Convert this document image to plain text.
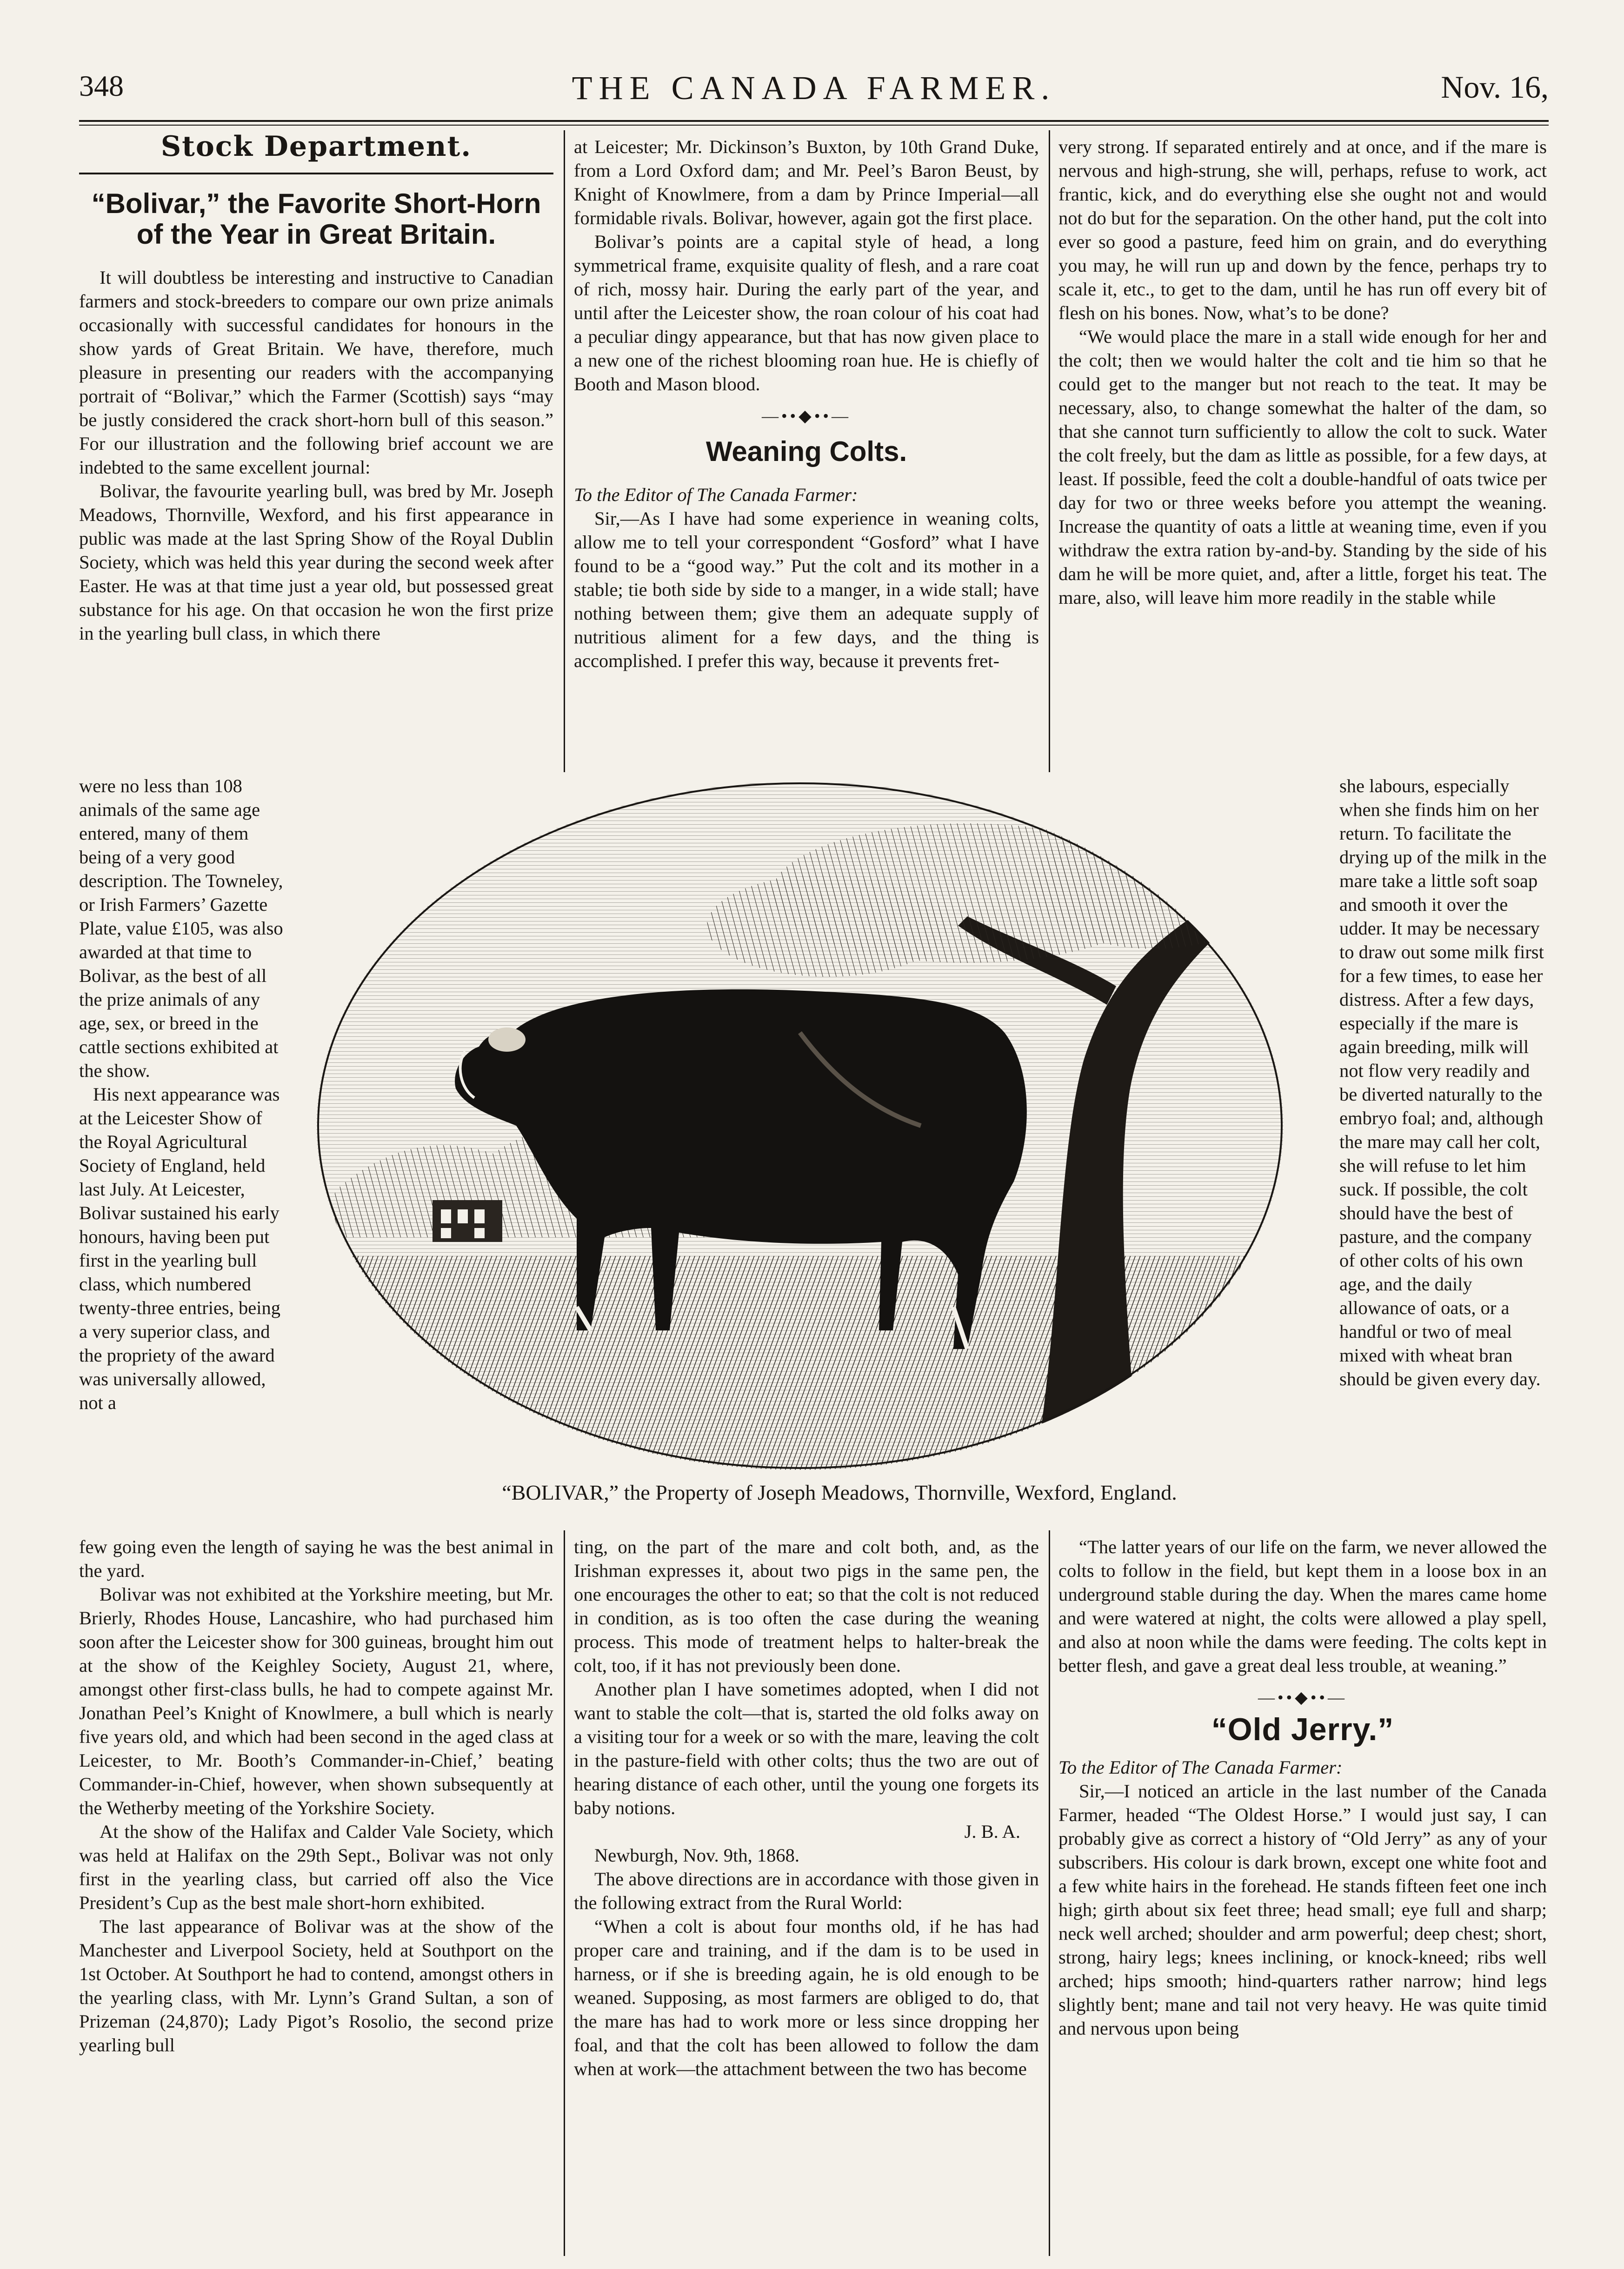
348	THE CANADA FARMER.	Nov. 16,
Stock Department.
“Bolivar,” the Favorite Short-Horn of the Year in Great Britain.

It will doubtless be interesting and instructive to Canadian farmers and stock-breeders to compare our own prize animals occasionally with successful candidates for honours in the show yards of Great Britain. We have, therefore, much pleasure in presenting our readers with the accompanying portrait of “Bolivar,” which the Farmer (Scottish) says “may be justly considered the crack short-horn bull of this season.” For our illustration and the following brief account we are indebted to the same excellent journal:

Bolivar, the favourite yearling bull, was bred by Mr. Joseph Meadows, Thornville, Wexford, and his first appearance in public was made at the last Spring Show of the Royal Dublin Society, which was held this year during the second week after Easter. He was at that time just a year old, but possessed great substance for his age. On that occasion he won the first prize in the yearling bull class, in which there

were no less than 108 animals of the same age entered, many of them being of a very good description. The Towneley, or Irish Farmers’ Gazette Plate, value £105, was also awarded at that time to Bolivar, as the best of all the prize animals of any age, sex, or breed in the cattle sections exhibited at the show.

His next appearance was at the Leicester Show of the Royal Agricultural Society of England, held last July. At Leicester, Bolivar sustained his early honours, having been put first in the yearling bull class, which numbered twenty-three entries, being a very superior class, and the propriety of the award was universally allowed, not a

few going even the length of saying he was the best animal in the yard.

Bolivar was not exhibited at the Yorkshire meeting, but Mr. Brierly, Rhodes House, Lancashire, who had purchased him soon after the Leicester show for 300 guineas, brought him out at the show of the Keighley Society, August 21, where, amongst other first-class bulls, he had to compete against Mr. Jonathan Peel’s Knight of Knowlmere, a bull which is nearly five years old, and which had been second in the aged class at Leicester, to Mr. Booth’s Commander-in-Chief,ʼ beating Commander-in-Chief, however, when shown subsequently at the Wetherby meeting of the Yorkshire Society.

At the show of the Halifax and Calder Vale Society, which was held at Halifax on the 29th Sept., Bolivar was not only first in the yearling class, but carried off also the Vice President’s Cup as the best male short-horn exhibited.

The last appearance of Bolivar was at the show of the Manchester and Liverpool Society, held at Southport on the 1st October. At Southport he had to contend, amongst others in the yearling class, with Mr. Lynn’s Grand Sultan, a son of Prizeman (24,870); Lady Pigot’s Rosolio, the second prize yearling bull

at Leicester; Mr. Dickinson’s Buxton, by 10th Grand Duke, from a Lord Oxford dam; and Mr. Peel’s Baron Beust, by Knight of Knowlmere, from a dam by Prince Imperial—all formidable rivals. Bolivar, however, again got the first place.

Bolivar’s points are a capital style of head, a long symmetrical frame, exquisite quality of flesh, and a rare coat of rich, mossy hair. During the early part of the year, and until after the Leicester show, the roan colour of his coat had a peculiar dingy appearance, but that has now given place to a new one of the richest blooming roan hue. He is chiefly of Booth and Mason blood.

—••◆••—
Weaning Colts.

To the Editor of The Canada Farmer:

Sir,—As I have had some experience in weaning colts, allow me to tell your correspondent “Gosford” what I have found to be a “good way.” Put the colt and its mother in a stable; tie both side by side to a manger, in a wide stall; have nothing between them; give them an adequate supply of nutritious aliment for a few days, and the thing is accomplished. I prefer this way, because it prevents fret-

ting, on the part of the mare and colt both, and, as the Irishman expresses it, about two pigs in the same pen, the one encourages the other to eat; so that the colt is not reduced in condition, as is too often the case during the weaning process. This mode of treatment helps to halter-break the colt, too, if it has not previously been done.

Another plan I have sometimes adopted, when I did not want to stable the colt—that is, started the old folks away on a visiting tour for a week or so with the mare, leaving the colt in the pasture-field with other colts; thus the two are out of hearing distance of each other, until the young one forgets its baby notions.

J. B. A.

Newburgh, Nov. 9th, 1868.

The above directions are in accordance with those given in the following extract from the Rural World:

“When a colt is about four months old, if he has had proper care and training, and if the dam is to be used in harness, or if she is breeding again, he is old enough to be weaned. Supposing, as most farmers are obliged to do, that the mare has had to work more or less since dropping her foal, and that the colt has been allowed to follow the dam when at work—the attachment between the two has become

very strong. If separated entirely and at once, and if the mare is nervous and high-strung, she will, perhaps, refuse to work, act frantic, kick, and do everything else she ought not and would not do but for the separation. On the other hand, put the colt into ever so good a pasture, feed him on grain, and do everything you may, he will run up and down by the fence, perhaps try to scale it, etc., to get to the dam, until he has run off every bit of flesh on his bones. Now, what’s to be done?

“We would place the mare in a stall wide enough for her and the colt; then we would halter the colt and tie him so that he could get to the manger but not reach to the teat. It may be necessary, also, to change somewhat the halter of the dam, so that she cannot turn sufficiently to allow the colt to suck. Water the colt freely, but the dam as little as possible, for a few days, at least. If possible, feed the colt a double-handful of oats twice per day for two or three weeks before you attempt the weaning. Increase the quantity of oats a little at weaning time, even if you withdraw the extra ration by-and-by. Standing by the side of his dam he will be more quiet, and, after a little, forget his teat. The mare, also, will leave him more readily in the stable while

she labours, especially when she finds him on her return. To facilitate the drying up of the milk in the mare take a little soft soap and smooth it over the udder. It may be necessary to draw out some milk first for a few times, to ease her distress. After a few days, especially if the mare is again breeding, milk will not flow very readily and be diverted naturally to the embryo foal; and, although the mare may call her colt, she will refuse to let him suck. If possible, the colt should have the best of pasture, and the company of other colts of his own age, and the daily allowance of oats, or a handful or two of meal mixed with wheat bran should be given every day.

“The latter years of our life on the farm, we never allowed the colts to follow in the field, but kept them in a loose box in an underground stable during the day. When the mares came home and were watered at night, the colts were allowed a play spell, and also at noon while the dams were feeding. The colts kept in better flesh, and gave a great deal less trouble, at weaning.”

—••◆••—
“Old Jerry.”

To the Editor of The Canada Farmer:

Sir,—I noticed an article in the last number of the Canada Farmer, headed “The Oldest Horse.” I would just say, I can probably give as correct a history of “Old Jerry” as any of your subscribers. His colour is dark brown, except one white foot and a few white hairs in the forehead. He stands fifteen feet one inch high; girth about six feet three; head small; eye full and sharp; neck well arched; shoulder and arm powerful; deep chest; short, strong, hairy legs; knees inclining, or knock-kneed; ribs well arched; hips smooth; hind-quarters rather narrow; hind legs slightly bent; mane and tail not very heavy. He was quite timid and nervous upon being

“BOLIVAR,” the Property of Joseph Meadows, Thornville, Wexford, England.
